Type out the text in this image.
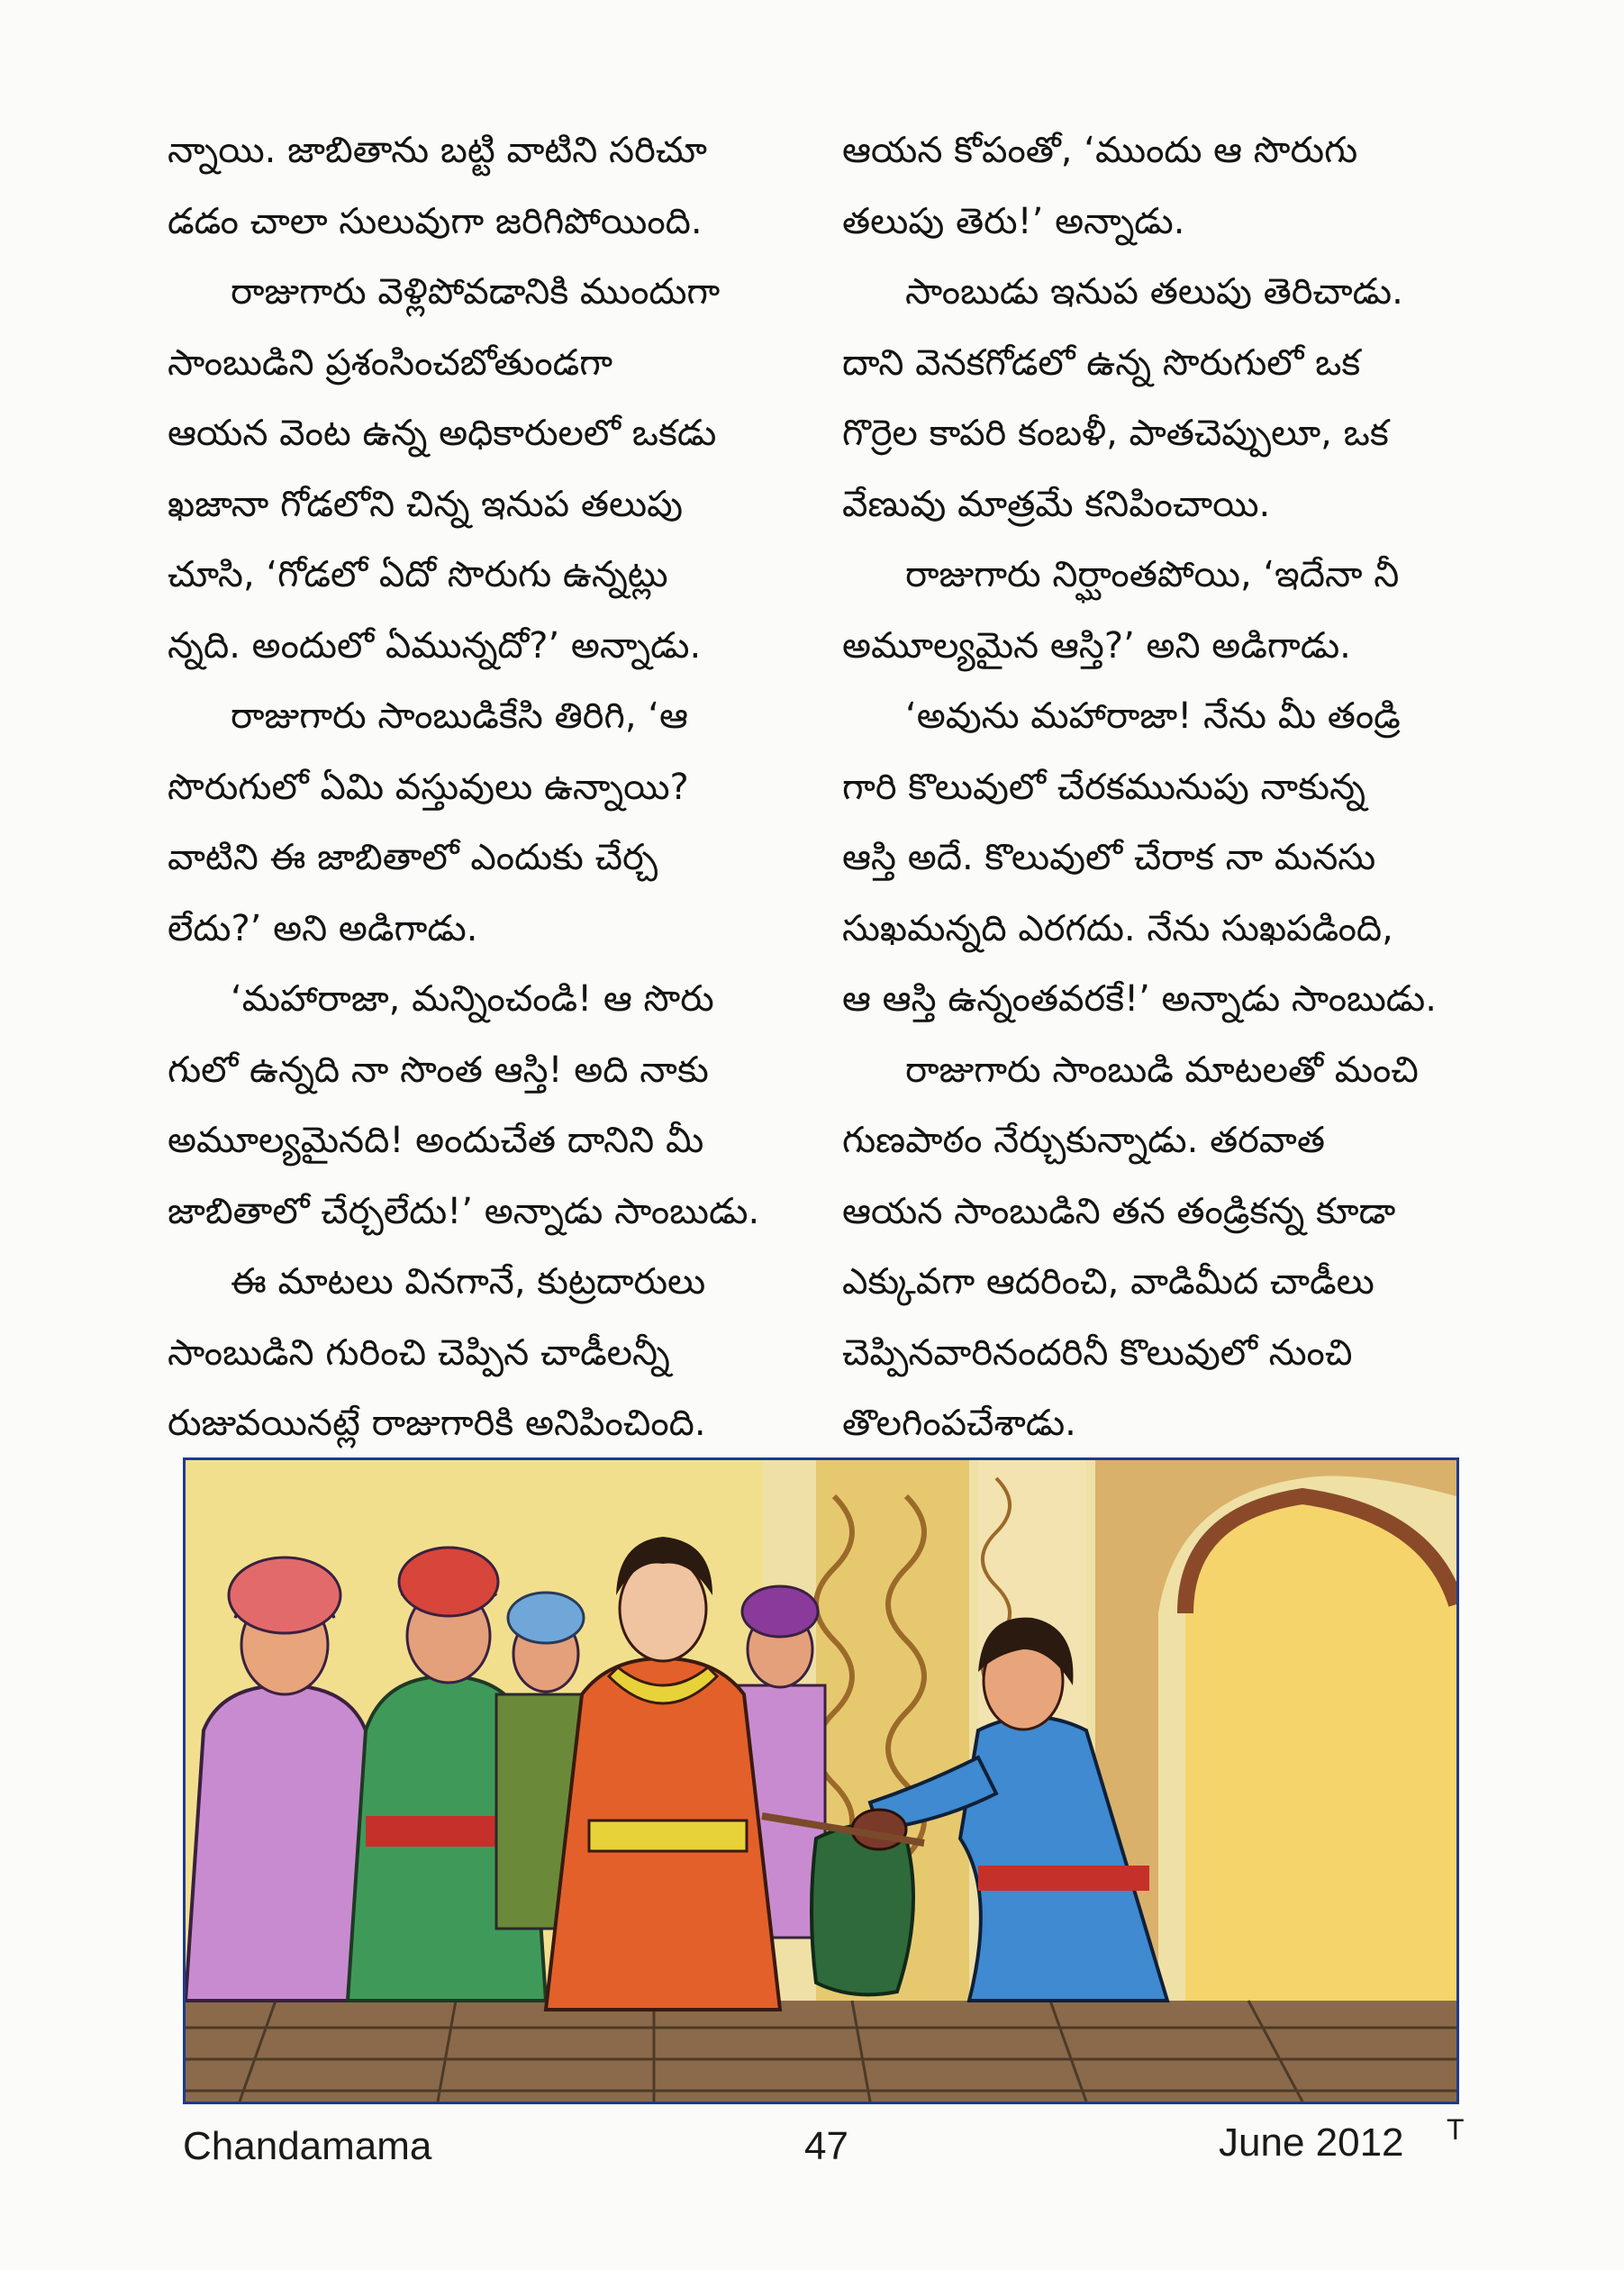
న్నాయి. జాబితాను బట్టి వాటిని సరిచూ
డడం చాలా సులువుగా జరిగిపోయింది.
రాజుగారు వెళ్లిపోవడానికి ముందుగా
సాంబుడిని ప్రశంసించబోతుండగా
ఆయన వెంట ఉన్న అధికారులలో ఒకడు
ఖజానా గోడలోని చిన్న ఇనుప తలుపు
చూసి, ‘గోడలో ఏదో సొరుగు ఉన్నట్లు
న్నది. అందులో ఏమున్నదో?’ అన్నాడు.
రాజుగారు సాంబుడికేసి తిరిగి, ‘ఆ
సొరుగులో ఏమి వస్తువులు ఉన్నాయి?
వాటిని ఈ జాబితాలో ఎందుకు చేర్చ
లేదు?’ అని అడిగాడు.
‘మహారాజా, మన్నించండి! ఆ సొరు
గులో ఉన్నది నా సొంత ఆస్తి! అది నాకు
అమూల్యమైనది! అందుచేత దానిని మీ
జాబితాలో చేర్చలేదు!’ అన్నాడు సాంబుడు.
ఈ మాటలు వినగానే, కుట్రదారులు
సాంబుడిని గురించి చెప్పిన చాడీలన్నీ
రుజువయినట్లే రాజుగారికి అనిపించింది.
ఆయన కోపంతో, ‘ముందు ఆ సొరుగు
తలుపు తెరు!’ అన్నాడు.
సాంబుడు ఇనుప తలుపు తెరిచాడు.
దాని వెనకగోడలో ఉన్న సొరుగులో ఒక
గొర్రెల కాపరి కంబళీ, పాతచెప్పులూ, ఒక
వేణువు మాత్రమే కనిపించాయి.
రాజుగారు నిర్ఘాంతపోయి, ‘ఇదేనా నీ
అమూల్యమైన ఆస్తి?’ అని అడిగాడు.
‘అవును మహారాజా! నేను మీ తండ్రి
గారి కొలువులో చేరకమునుపు నాకున్న
ఆస్తి అదే. కొలువులో చేరాక నా మనసు
సుఖమన్నది ఎరగదు. నేను సుఖపడింది,
ఆ ఆస్తి ఉన్నంతవరకే!’ అన్నాడు సాంబుడు.
రాజుగారు సాంబుడి మాటలతో మంచి
గుణపాఠం నేర్చుకున్నాడు. తరవాత
ఆయన సాంబుడిని తన తండ్రికన్న కూడా
ఎక్కువగా ఆదరించి, వాడిమీద చాడీలు
చెప్పినవారినందరినీ కొలువులో నుంచి
తొలగింపచేశాడు.
Chandamama	47	June 2012 T
